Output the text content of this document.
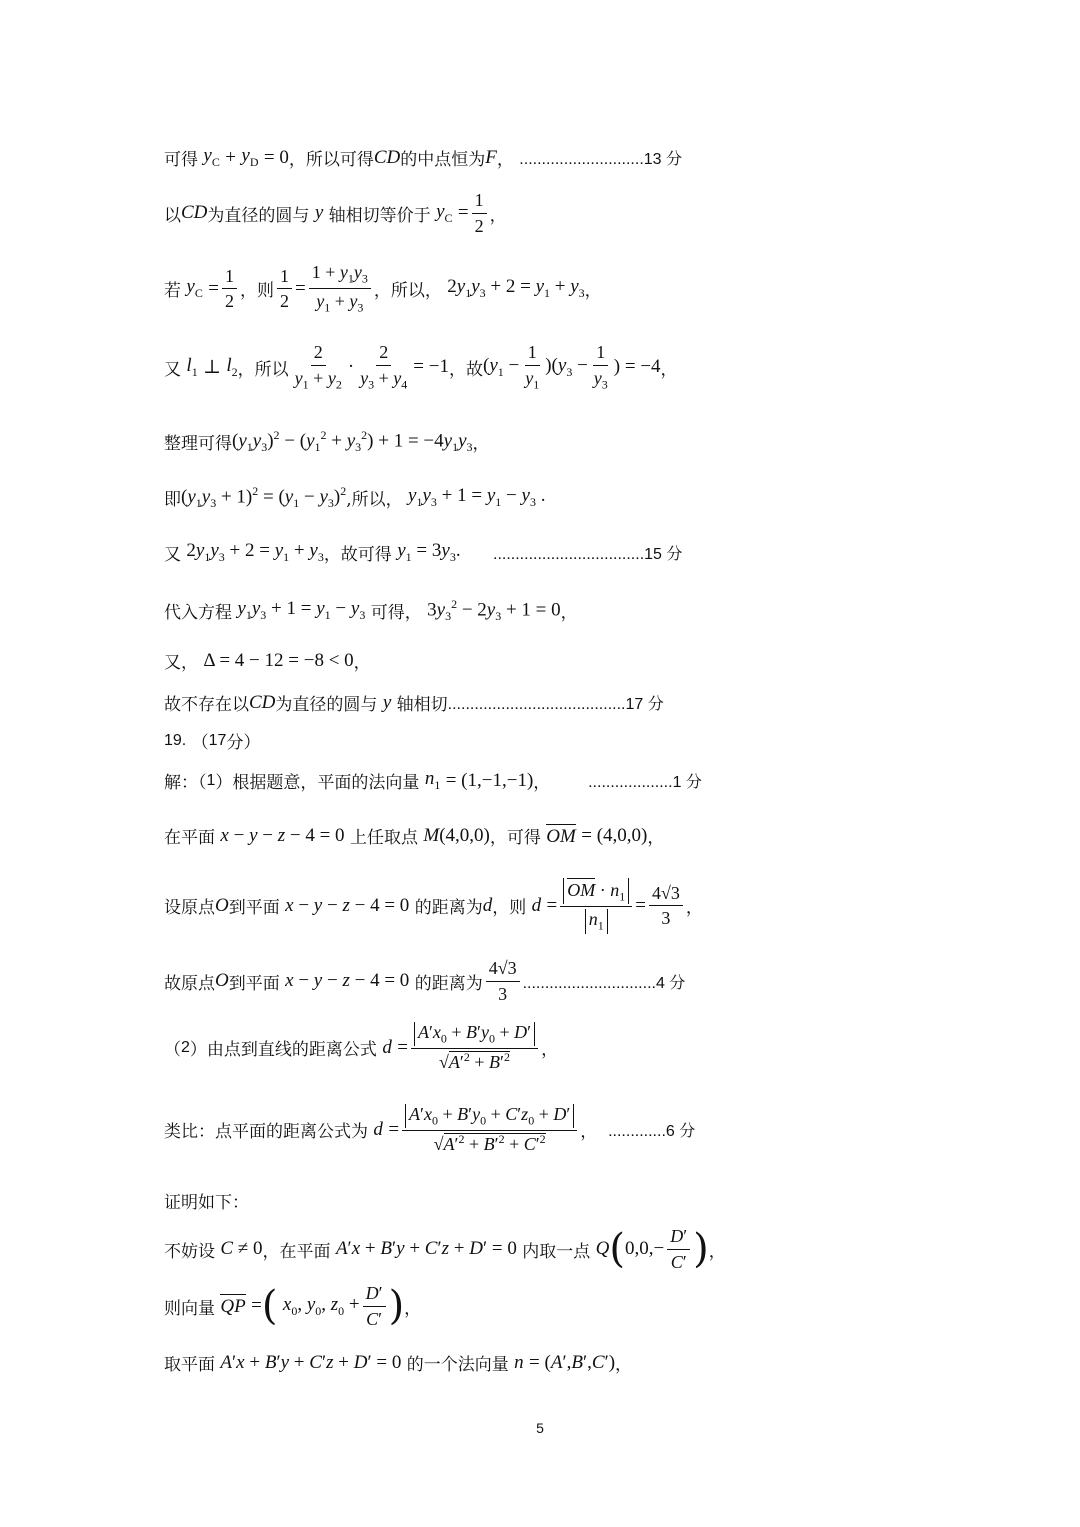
可得 $y_C$
+
$y_D$
= 0 ，所以可得 CD 的中点恒为 F ， ............................13 分
以 CD 为直径的圆与 y 轴相切等价于 $y_C$
= $\frac{1}{2}$ ，
若 $y_C$
= $\frac{1}{2}$ ，则 $\frac{1}{2} = \frac{1 + y_1y_3}{y_1 + y_3}$ ，所以， $2y_1y_3 + 2 = y_1 + y_3$ ，
又 $l_1$
⊥
$l_2$ ，所以 $\frac{2}{y_1 + y_2} \cdot \frac{2}{y_3 + y_4} = -1$ ，故 $(y_1 - \frac{1}{y_1} )(y_3 - \frac{1}{y_3}$ ) = −4 ，
整理可得 $(y_1y_3)^2 - (y_1^2 + y_3^2) + 1 = -4y_1y_3$ ，
即 $(y_1y_3 + 1)^2 = (y_1 - y_3)^2$ ,所以， $y_1y_3 + 1 = y_1 - y_3$ .
又 $2y_1y_3 + 2 = y_1 + y_3$ ，故可得 $y_1 = 3y_3$.
..................................15 分
代入方程 $y_1y_3 + 1 = y_1 - y_3$ 可得， $3y_3^2 - 2y_3 + 1 = 0$ ，
又， Δ = 4 − 12 = −8 < 0 ，
故不存在以 CD 为直径的圆与 y 轴相切 ........................................17 分
19. （ 17 分）
解：（ 1 ）根据题意，平面的法向量 $n_1$
= (1,−1,−1) ， ...................1 分
在平面 x − y − z − 4 = 0 上任取点 M(4,0,0) ，可得 OM
= (4,0,0) ，
设原点 O 到平面 x − y − z − 4 = 0 的距离为 d ，则 d
= $\frac{OM \cdot n_1}{n_1} = \frac{4√3}{3}$ ，
故原点 O 到平面 x − y − z − 4 = 0 的距离为 $\frac{4√3}{3} ..............................4$ 分
（ 2 ）由点到直线的距离公式 d
= $\frac{A'x_0 + B'y_0 + D'}{√A'^2 + B'^2}$ ，
类比：点平面的距离公式为 d
= $\frac{A'x_0 + B'y_0 + C'z_0 + D'}{√A'^2 + B'^2 + C'^2}$ ， .............6 分
证明如下：
不妨设 C ≠ 0 ，在平面 A′x + B′y + C′z + D′ = 0 内取一点 Q ( $0,0,- \frac{D'}{C'}$ ) ，
则向量 QP
= (
$x_0$, $y_0$, $z_0 + \frac{D'}{C'}$ ) ，
取平面 A′x + B′y + C′z + D′ = 0 的一个法向量 n
= (A′,B′,C′) ，
5
